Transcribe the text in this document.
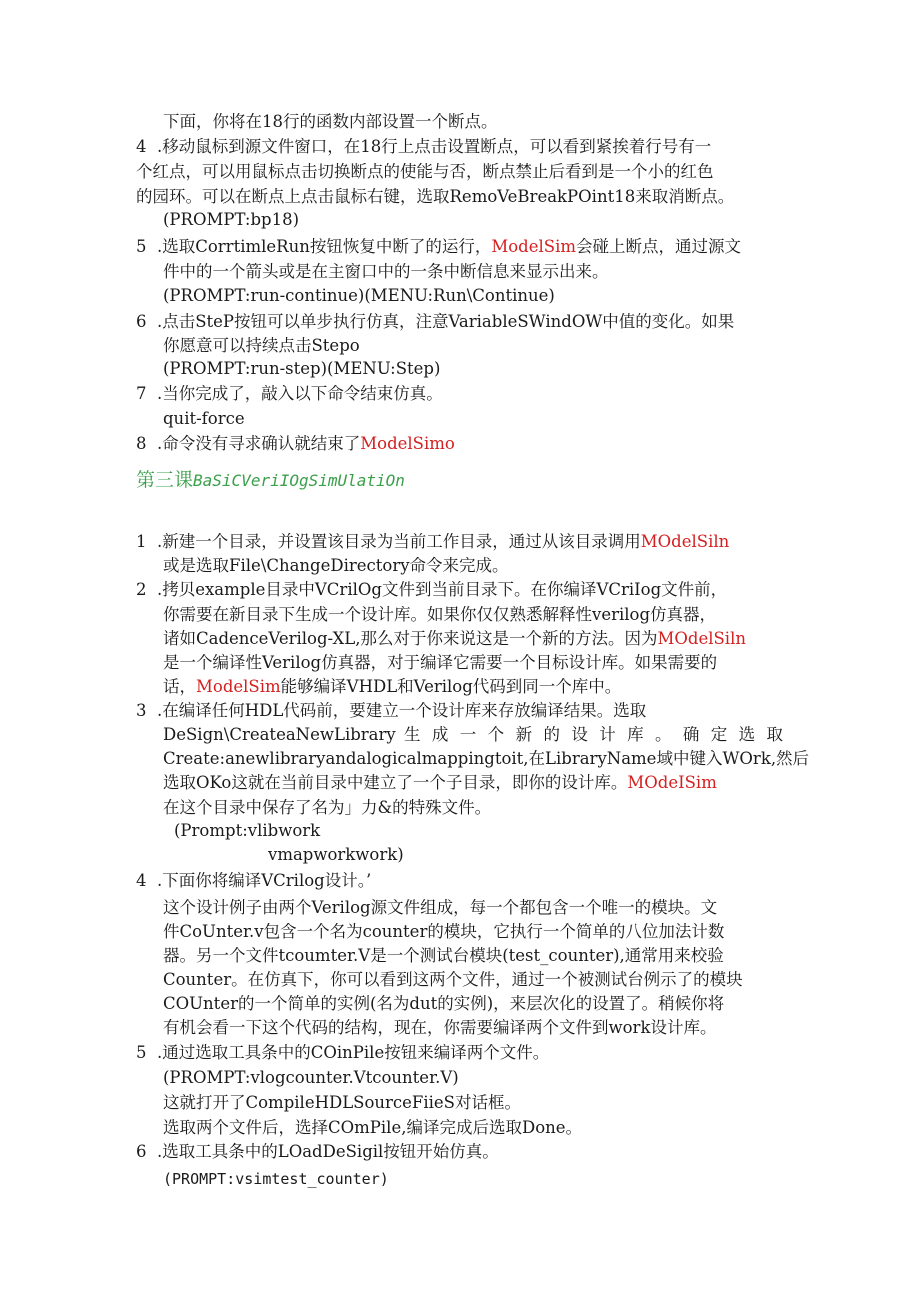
下面，你将在18行的函数内部设置一个断点。
4  .移动鼠标到源文件窗口，在18行上点击设置断点，可以看到紧挨着行号有一
个红点，可以用鼠标点击切换断点的使能与否，断点禁止后看到是一个小的红色
的园环。可以在断点上点击鼠标右键，选取RemoVeBreakPOint18来取消断点。
(PROMPT:bp18)
5  .选取CorrtimleRun按钮恢复中断了的运行，ModelSim会碰上断点，通过源文
件中的一个箭头或是在主窗口中的一条中断信息来显示出来。
(PROMPT:run-continue)(MENU:Run\Continue)
6  .点击SteP按钮可以单步执行仿真，注意VariableSWindOW中值的变化。如果
你愿意可以持续点击Stepo
(PROMPT:run-step)(MENU:Step)
7  .当你完成了，敲入以下命令结束仿真。
quit-force
8  .命令没有寻求确认就结束了ModelSimo
第三课BaSiCVeriIOgSimUlatiOn
1  .新建一个目录，并设置该目录为当前工作目录，通过从该目录调用MOdelSiln
或是选取File\ChangeDirectory命令来完成。
2  .拷贝example目录中VCrilOg文件到当前目录下。在你编译VCriIog文件前，
你需要在新目录下生成一个设计库。如果你仅仅熟悉解释性verilog仿真器，
诸如CadenceVerilog-XL,那么对于你来说这是一个新的方法。因为MOdelSiln
是一个编译性Verilog仿真器，对于编译它需要一个目标设计库。如果需要的
话，ModelSim能够编译VHDL和Verilog代码到同一个库中。
3  .在编译任何HDL代码前，要建立一个设计库来存放编译结果。选取
DeSign\CreateaNewLibrary 生 成 一 个 新 的 设 计 库 。 确 定 选 取
Create:anewlibraryandalogicalmappingtoit,在LibraryName域中键入WOrk,然后
选取OKo这就在当前目录中建立了一个子目录，即你的设计库。MOdeISim
在这个目录中保存了名为」力&的特殊文件。
(Prompt:vlibwork
vmapworkwork)
4  .下面你将编译VCrilog设计。’
这个设计例子由两个Verilog源文件组成，每一个都包含一个唯一的模块。文
件CoUnter.v包含一个名为counter的模块，它执行一个简单的八位加法计数
器。另一个文件tcoumter.V是一个测试台模块(test_counter),通常用来校验
Counter。在仿真下，你可以看到这两个文件，通过一个被测试台例示了的模块
COUnter的一个简单的实例(名为dut的实例)，来层次化的设置了。稍候你将
有机会看一下这个代码的结构，现在，你需要编译两个文件到work设计库。
5  .通过选取工具条中的COinPile按钮来编译两个文件。
(PROMPT:vlogcounter.Vtcounter.V)
这就打开了CompileHDLSourceFiieS对话框。
选取两个文件后，选择COmPile,编译完成后选取Done。
6  .选取工具条中的LOadDeSigil按钮开始仿真。
(PROMPT:vsimtest_counter)
